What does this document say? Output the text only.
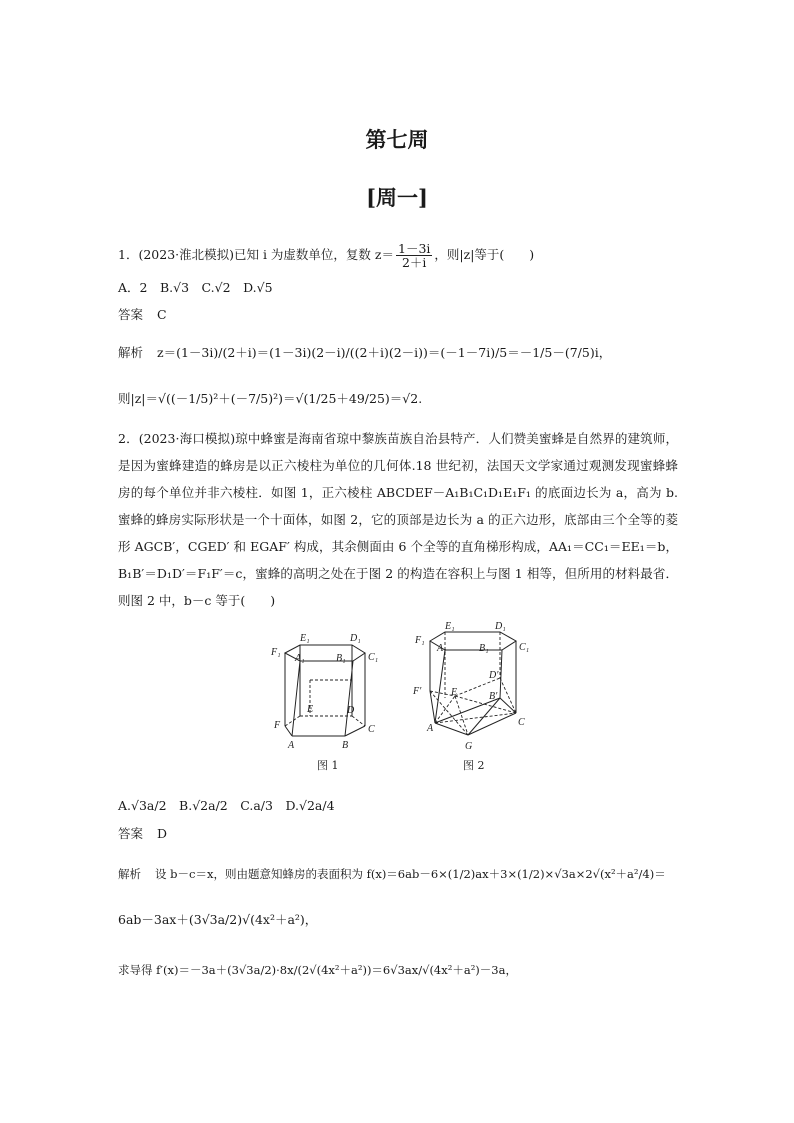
第七周
[周一]
1．(2023·淮北模拟)已知 i 为虚数单位，复数 $z= \frac{1-3i}{2+i}$ ，则|z|等于(　　)
A．2　B.√3　C.√2　D.√5
答案 C
解析 z＝(1－3i)/(2＋i)＝(1－3i)(2－i)/((2＋i)(2－i))＝(－1－7i)/5＝－1/5－(7/5)i，
则|z|＝√((－1/5)²＋(－7/5)²)＝√(1/25＋49/25)＝√2.
2．(2023·海口模拟)琼中蜂蜜是海南省琼中黎族苗族自治县特产．人们赞美蜜蜂是自然界的建筑师，是因为蜜蜂建造的蜂房是以正六棱柱为单位的几何体.18 世纪初，法国天文学家通过观测发现蜜蜂蜂房的每个单位并非六棱柱．如图 1，正六棱柱 ABCDEF－A₁B₁C₁D₁E₁F₁ 的底面边长为 a，高为 b.蜜蜂的蜂房实际形状是一个十面体，如图 2，它的顶部是边长为 a 的正六边形，底部由三个全等的菱形 AGCB′，CGED′ 和 EGAF′ 构成，其余侧面由 6 个全等的直角梯形构成，AA₁＝CC₁＝EE₁＝b，B₁B′＝D₁D′＝F₁F′＝c，蜜蜂的高明之处在于图 2 的构造在容积上与图 1 相等，但所用的材料最省．则图 2 中，b－c 等于(　　)
E₁	D₁
F₁
A₁	B₁ C₁
E	D
F	C
A	B
图 1
E₁	D₁
F₁
A₁	B₁	C₁
D′
F′	E	B′
A
C
G
图 2
A.√3a/2　B.√2a/2　C.a/3　D.√2a/4
答案 D
解析 设 b－c＝x，则由题意知蜂房的表面积为 f(x)＝6ab－6×(1/2)ax＋3×(1/2)×√3a×2√(x²＋a²/4)＝
6ab－3ax＋(3√3a/2)√(4x²＋a²)，
求导得 f′(x)＝－3a＋(3√3a/2)·8x/(2√(4x²＋a²))＝6√3ax/√(4x²＋a²)－3a，
